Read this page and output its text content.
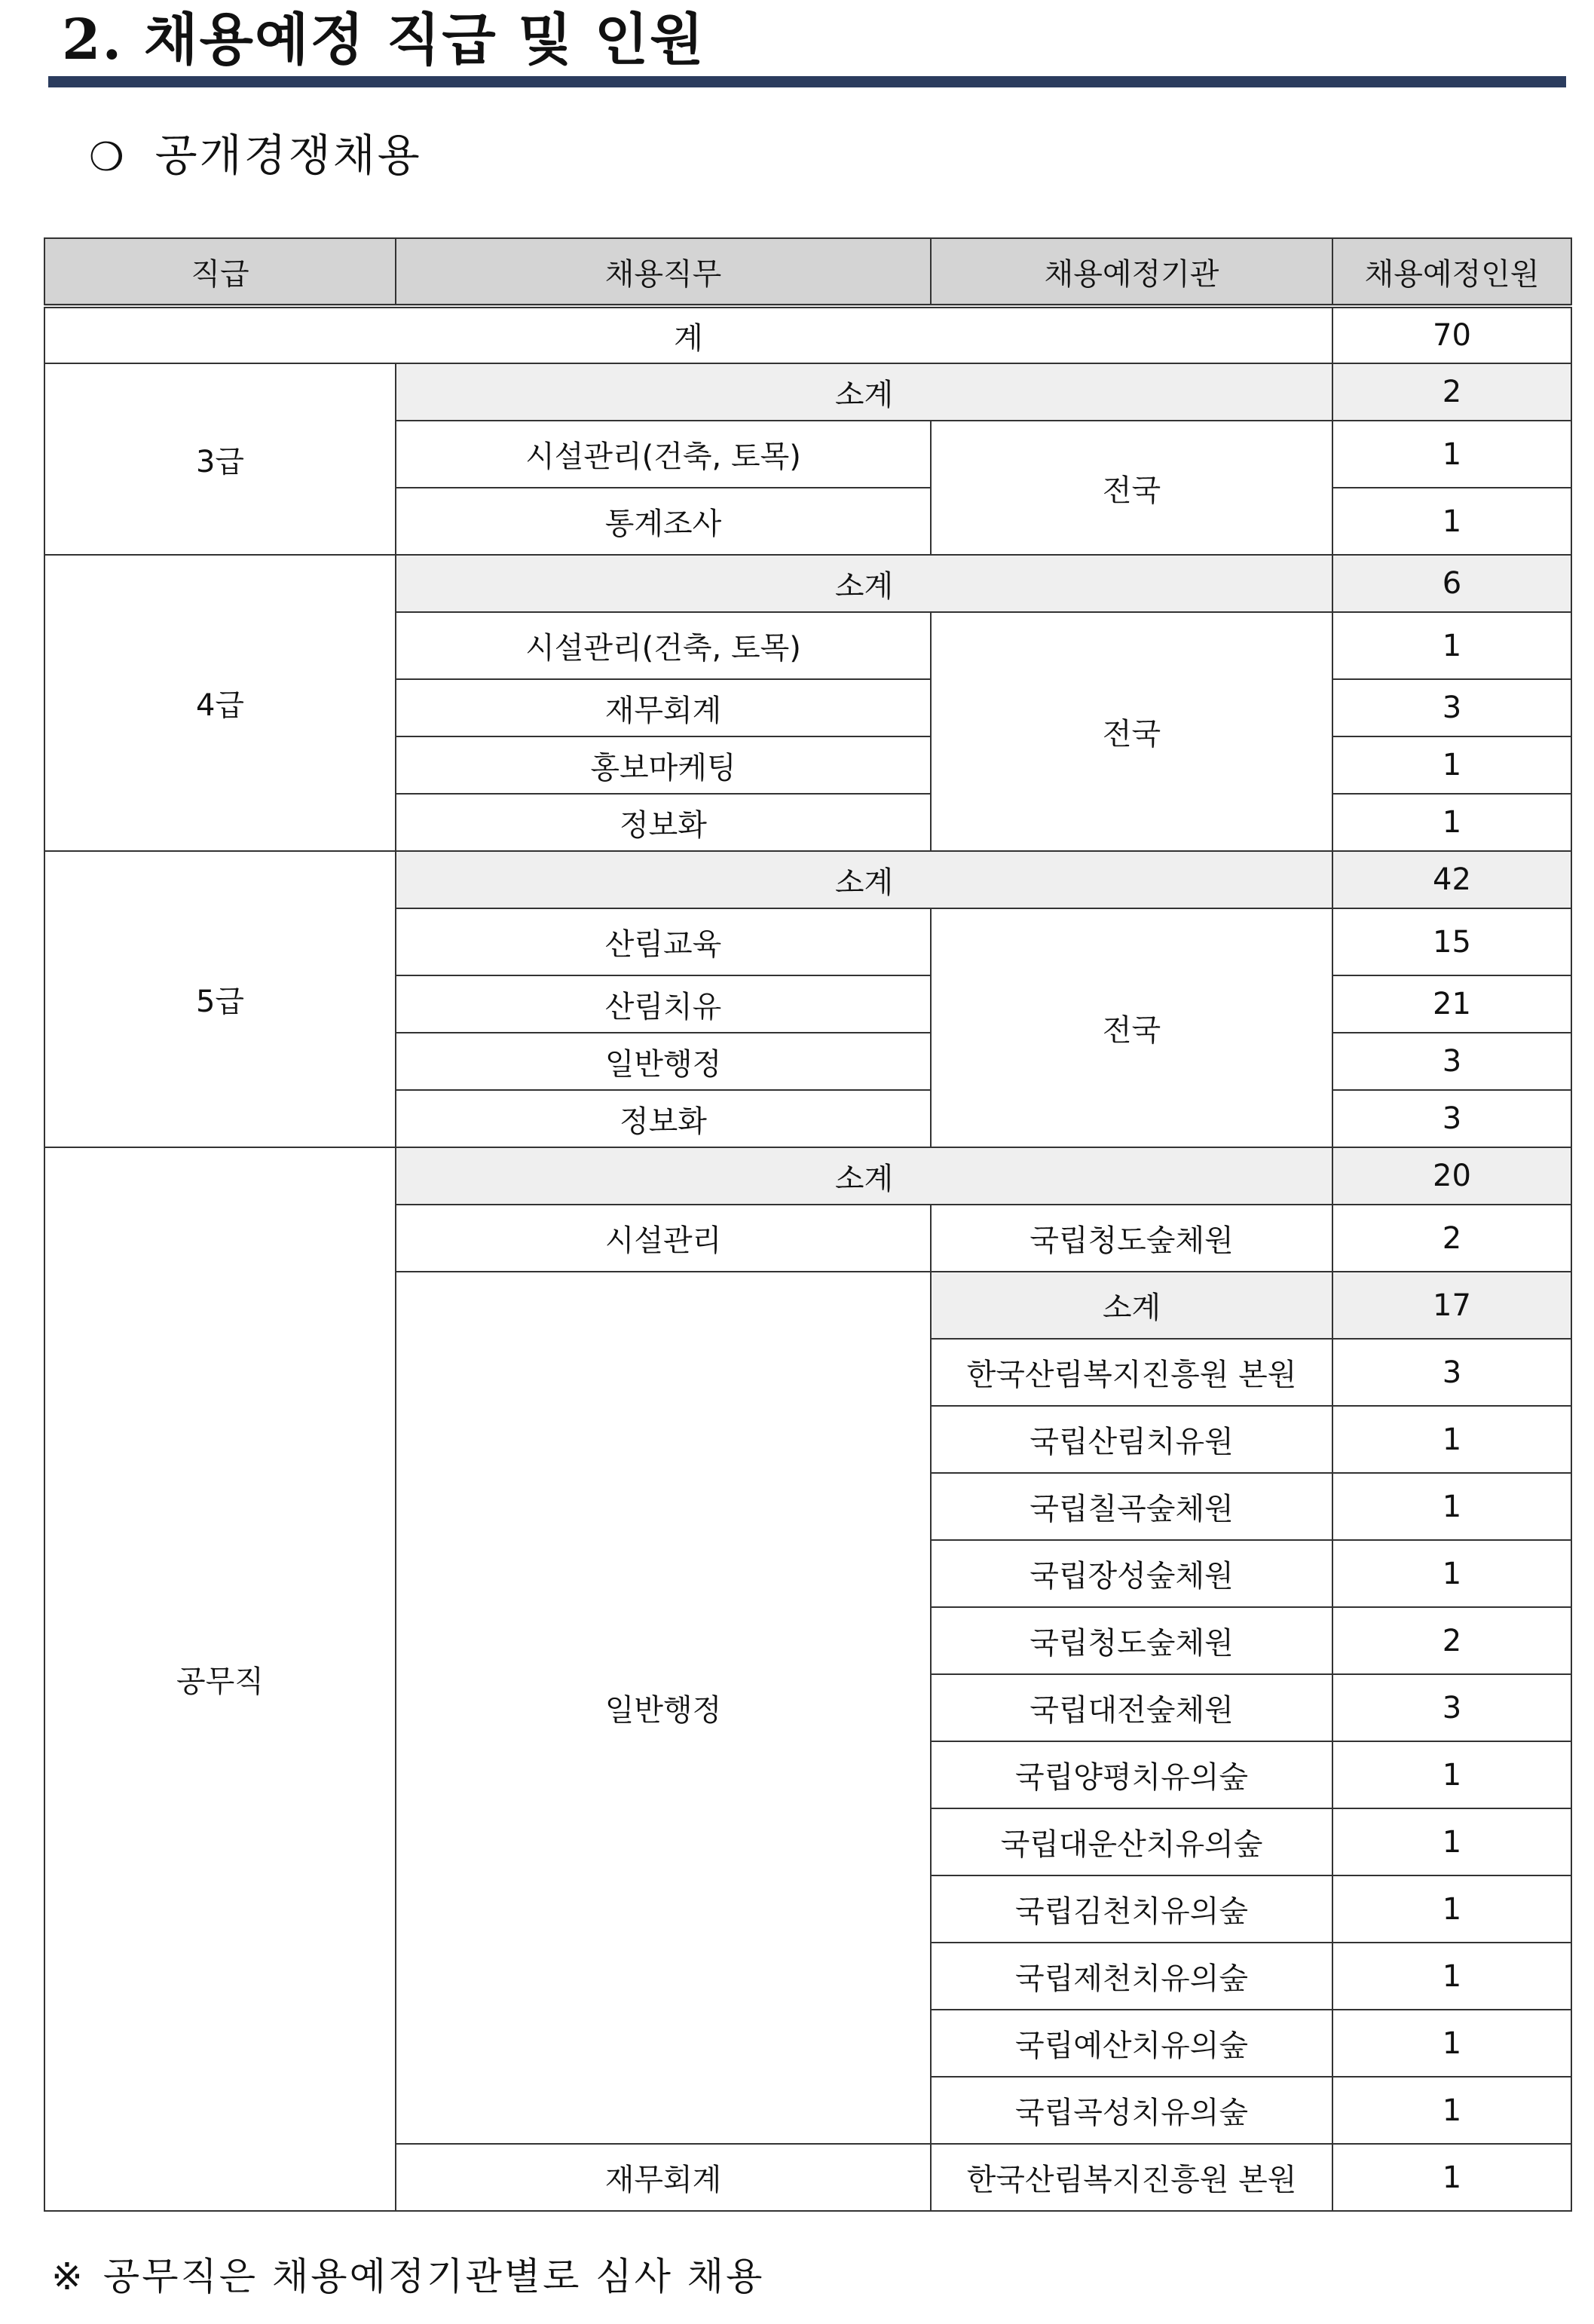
2. 채용예정 직급 및 인원
❍ 공개경쟁채용
직급	채용직무	채용예정기관	채용예정인원
계			70
3급	소계		2
	시설관리(건축, 토목)	전국	1
	통계조사		1
4급	소계		6
	시설관리(건축, 토목)	전국	1
	재무회계		3
	홍보마케팅		1
	정보화		1
5급	소계		42
	산림교육	전국	15
	산림치유		21
	일반행정		3
	정보화		3
공무직	소계		20
	시설관리	국립청도숲체원	2
	일반행정	소계	17
		한국산림복지진흥원 본원	3
		국립산림치유원	1
		국립칠곡숲체원	1
		국립장성숲체원	1
		국립청도숲체원	2
		국립대전숲체원	3
		국립양평치유의숲	1
		국립대운산치유의숲	1
		국립김천치유의숲	1
		국립제천치유의숲	1
		국립예산치유의숲	1
		국립곡성치유의숲	1
	재무회계	한국산림복지진흥원 본원	1
※ 공무직은 채용예정기관별로 심사 채용
